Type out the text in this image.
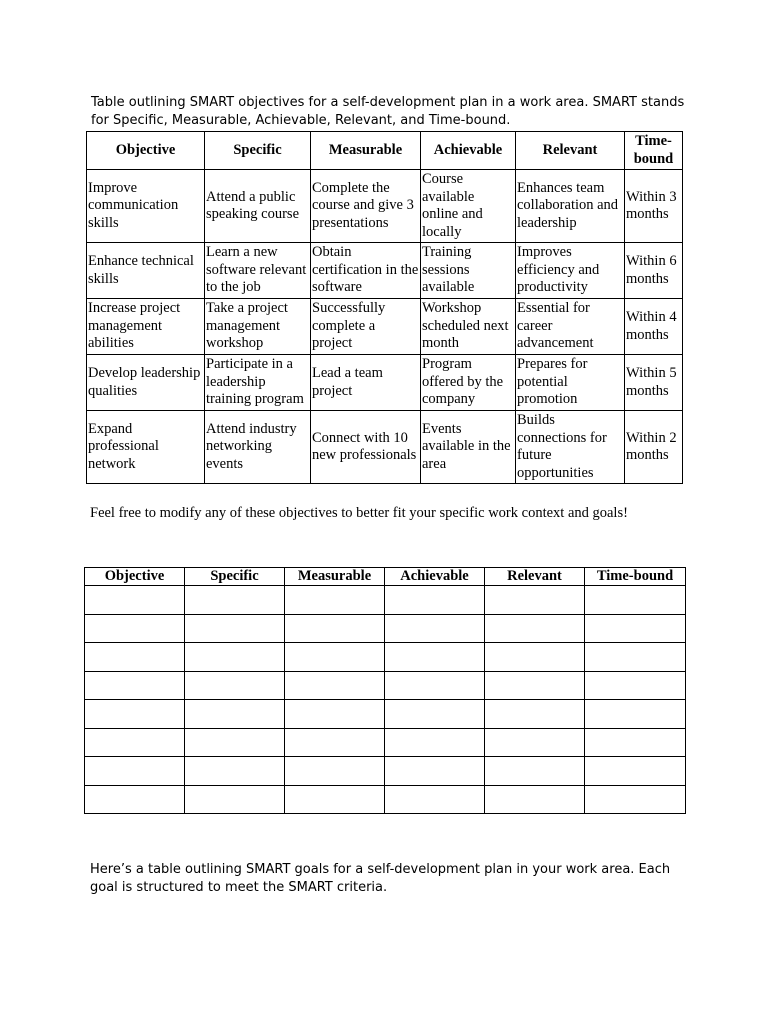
Table outlining SMART objectives for a self-development plan in a work area. SMART stands for Specific, Measurable, Achievable, Relevant, and Time-bound.

Objective	Specific	Measurable	Achievable	Relevant	Time-bound
Improve communication skills	Attend a public speaking course	Complete the course and give 3 presentations	Course available online and locally	Enhances team collaboration and leadership	Within 3 months
Enhance technical skills	Learn a new software relevant to the job	Obtain certification in the software	Training sessions available	Improves efficiency and productivity	Within 6 months
Increase project management abilities	Take a project management workshop	Successfully complete a project	Workshop scheduled next month	Essential for career advancement	Within 4 months
Develop leadership qualities	Participate in a leadership training program	Lead a team project	Program offered by the company	Prepares for potential promotion	Within 5 months
Expand professional network	Attend industry networking events	Connect with 10 new professionals	Events available in the area	Builds connections for future opportunities	Within 2 months

Feel free to modify any of these objectives to better fit your specific work context and goals!

Objective	Specific	Measurable	Achievable	Relevant	Time-bound

Here’s a table outlining SMART goals for a self-development plan in your work area. Each goal is structured to meet the SMART criteria.
